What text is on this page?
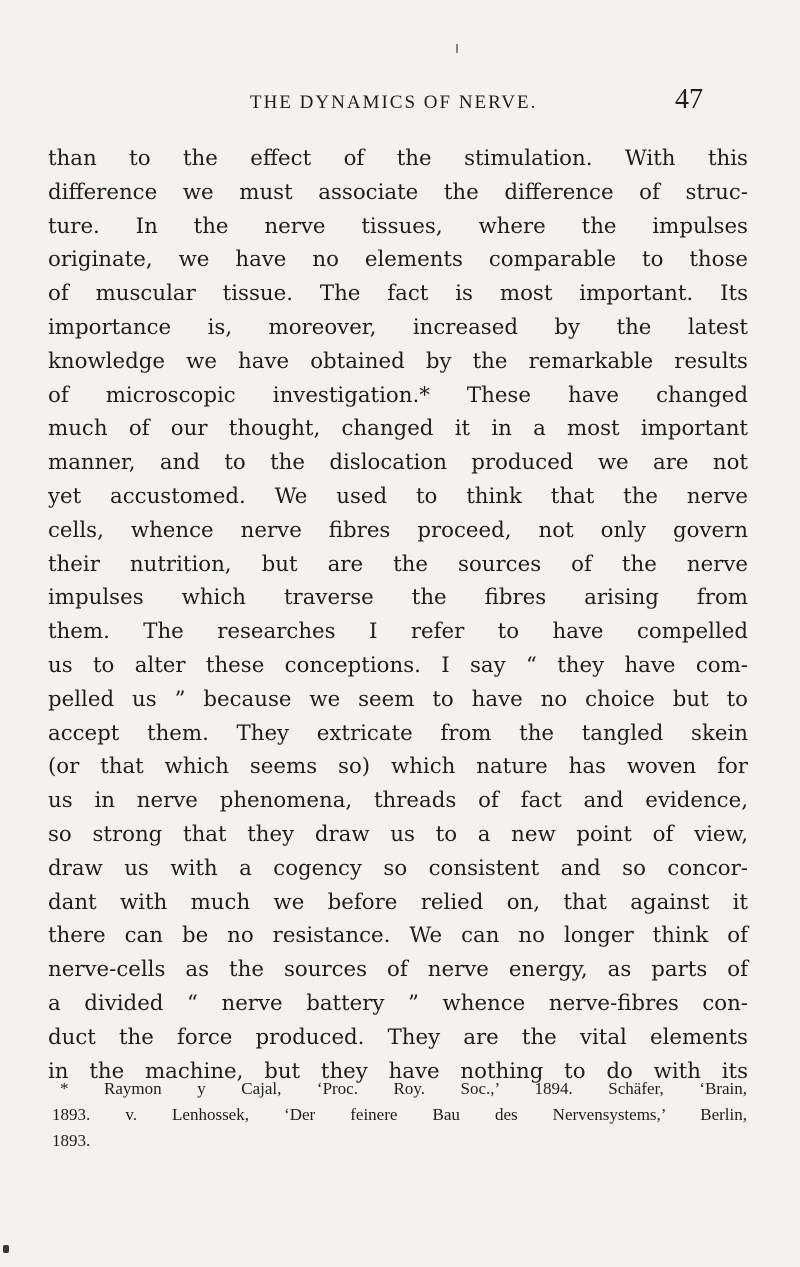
THE DYNAMICS OF NERVE.	47
than to the effect of the stimulation. With this
difference we must associate the difference of struc-
ture. In the nerve tissues, where the impulses
originate, we have no elements comparable to those
of muscular tissue. The fact is most important. Its
importance is, moreover, increased by the latest
knowledge we have obtained by the remarkable results
of microscopic investigation.* These have changed
much of our thought, changed it in a most important
manner, and to the dislocation produced we are not
yet accustomed. We used to think that the nerve
cells, whence nerve fibres proceed, not only govern
their nutrition, but are the sources of the nerve
impulses which traverse the fibres arising from
them. The researches I refer to have compelled
us to alter these conceptions. I say “ they have com-
pelled us ” because we seem to have no choice but to
accept them. They extricate from the tangled skein
(or that which seems so) which nature has woven for
us in nerve phenomena, threads of fact and evidence,
so strong that they draw us to a new point of view,
draw us with a cogency so consistent and so concor-
dant with much we before relied on, that against it
there can be no resistance. We can no longer think of
nerve-cells as the sources of nerve energy, as parts of
a divided “ nerve battery ” whence nerve-fibres con-
duct the force produced. They are the vital elements
in the machine, but they have nothing to do with its
* Raymon y Cajal, ‘Proc. Roy. Soc.,’ 1894. Schäfer, ‘Brain,
1893. v. Lenhossek, ‘Der feinere Bau des Nervensystems,’ Berlin,
1893.
